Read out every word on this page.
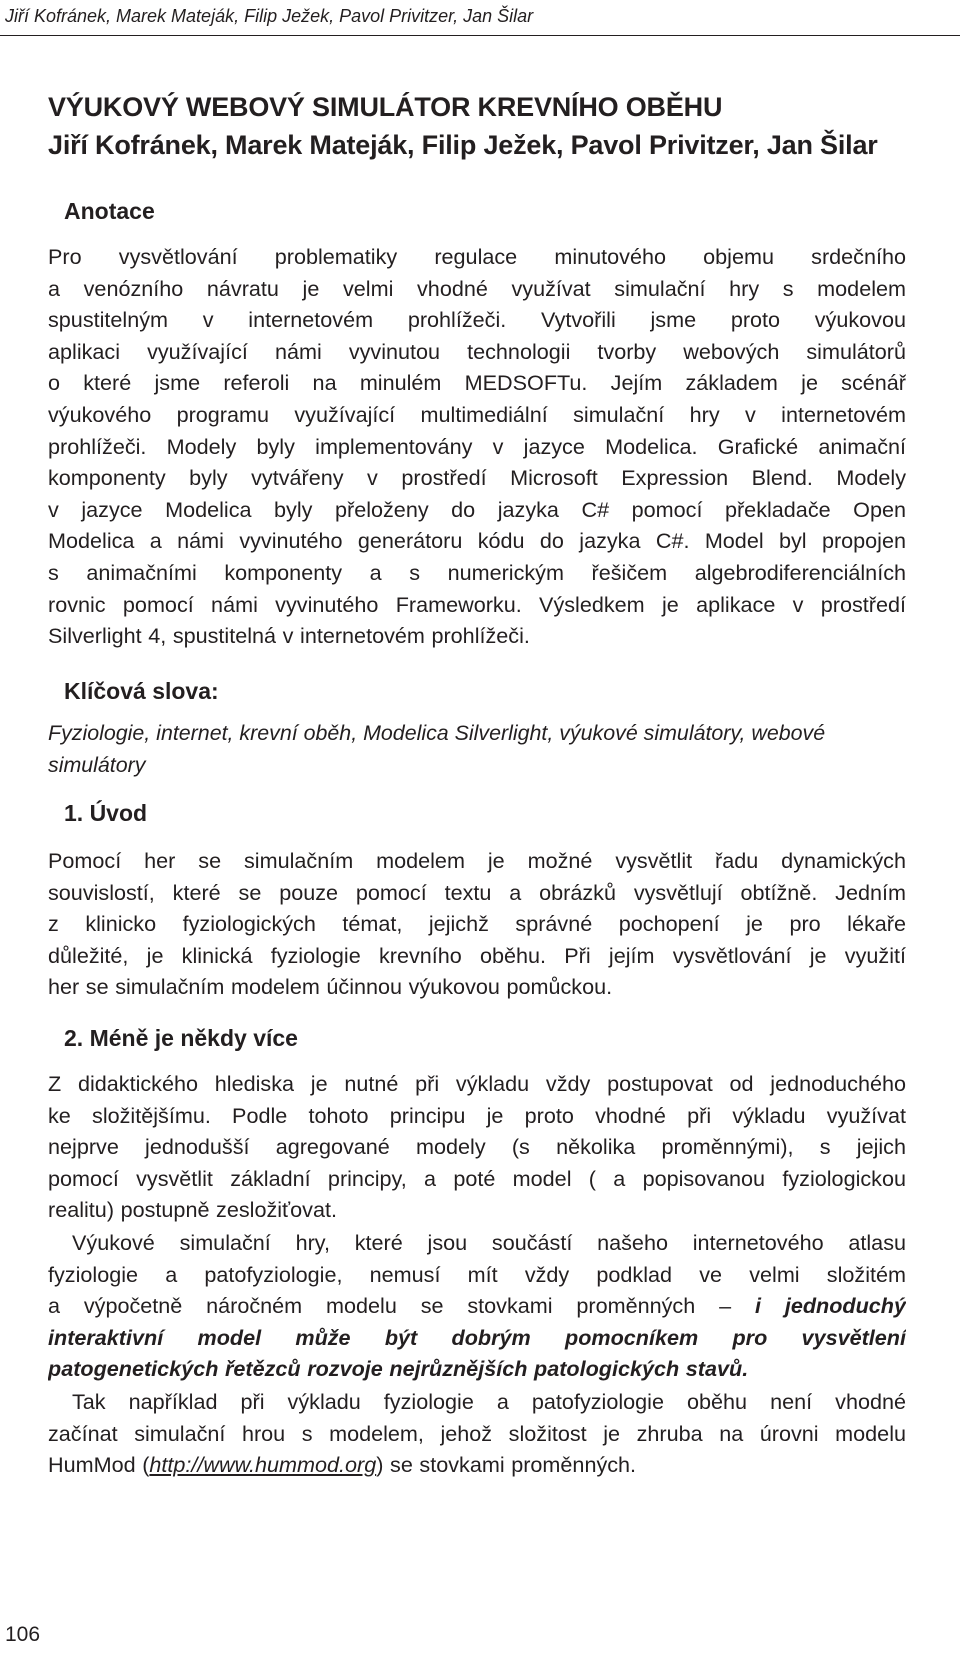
Jiří Kofránek, Marek Mateják, Filip Ježek, Pavol Privitzer, Jan Šilar
VÝUKOVÝ WEBOVÝ SIMULÁTOR KREVNÍHO OBĚHU
Jiří Kofránek, Marek Mateják, Filip Ježek, Pavol Privitzer, Jan Šilar
Anotace
Pro vysvětlování problematiky regulace minutového objemu srdečního
a venózního návratu je velmi vhodné využívat simulační hry s modelem
spustitelným v internetovém prohlížeči. Vytvořili jsme proto výukovou
aplikaci využívající námi vyvinutou technologii tvorby webových simulátorů
o které jsme referoli na minulém MEDSOFTu. Jejím základem je scénář
výukového programu využívající multimediální simulační hry v internetovém
prohlížeči. Modely byly implementovány v jazyce Modelica. Grafické animační
komponenty byly vytvářeny v prostředí Microsoft Expression Blend. Modely
v jazyce Modelica byly přeloženy do jazyka C# pomocí překladače Open
Modelica a námi vyvinutého generátoru kódu do jazyka C#. Model byl propojen
s animačními komponenty a s numerickým řešičem algebrodiferenciálních
rovnic pomocí námi vyvinutého Frameworku. Výsledkem je aplikace v prostředí
Silverlight 4, spustitelná v internetovém prohlížeči.
Klíčová slova:
Fyziologie, internet, krevní oběh, Modelica Silverlight, výukové simulátory, webové simulátory
1. Úvod
Pomocí her se simulačním modelem je možné vysvětlit řadu dynamických
souvislostí, které se pouze pomocí textu a obrázků vysvětlují obtížně. Jedním
z klinicko fyziologických témat, jejichž správné pochopení je pro lékaře
důležité, je klinická fyziologie krevního oběhu. Při jejím vysvětlování je využití
her se simulačním modelem účinnou výukovou pomůckou.
2. Méně je někdy více
Z didaktického hlediska je nutné při výkladu vždy postupovat od jednoduchého
ke složitějšímu. Podle tohoto principu je proto vhodné při výkladu využívat
nejprve jednodušší agregované modely (s několika proměnnými), s jejich
pomocí vysvětlit základní principy, a poté model ( a popisovanou fyziologickou
realitu) postupně zesložiťovat.
Výukové simulační hry, které jsou součástí našeho internetového atlasu
fyziologie a patofyziologie, nemusí mít vždy podklad ve velmi složitém
a výpočetně náročném modelu se stovkami proměnných – i jednoduchý
interaktivní model může být dobrým pomocníkem pro vysvětlení
patogenetických řetězců rozvoje nejrůznějších patologických stavů.
Tak například při výkladu fyziologie a patofyziologie oběhu není vhodné
začínat simulační hrou s modelem, jehož složitost je zhruba na úrovni modelu
HumMod (http://www.hummod.org) se stovkami proměnných.
106
